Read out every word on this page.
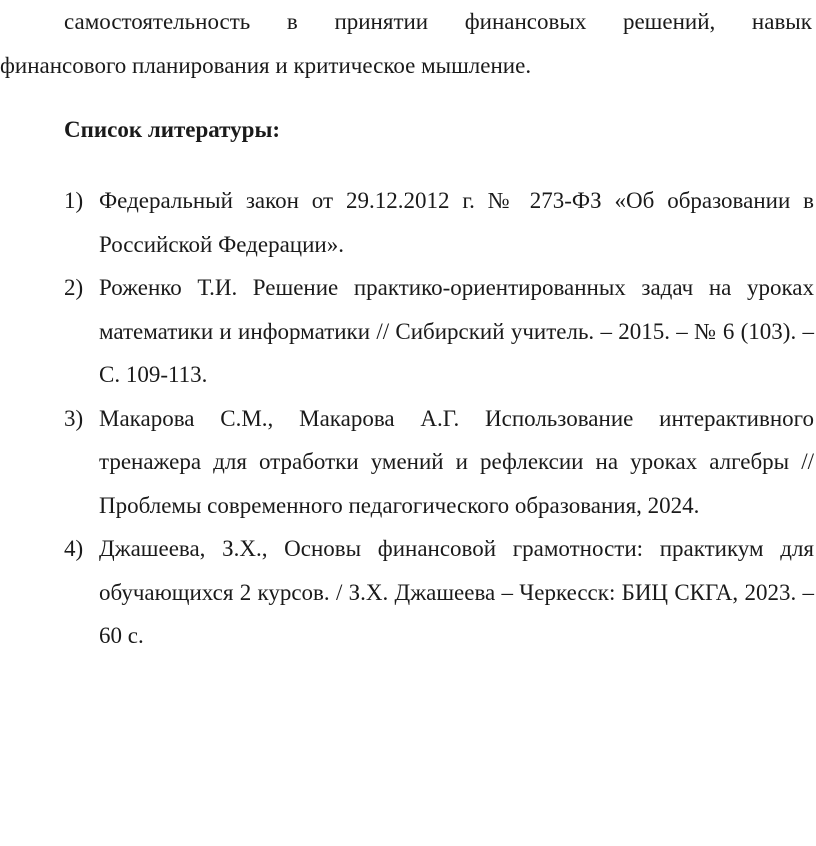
самостоятельность в принятии финансовых решений, навык
финансового планирования и критическое мышление.
Список литературы:
1) Федеральный закон от 29.12.2012 г. № 273-ФЗ «Об образовании в Российской Федерации».
2) Роженко Т.И. Решение практико-ориентированных задач на уроках математики и информатики // Сибирский учитель. – 2015. – № 6 (103). – С. 109-113.
3) Макарова С.М., Макарова А.Г. Использование интерактивного тренажера для отработки умений и рефлексии на уроках алгебры // Проблемы современного педагогического образования, 2024.
4) Джашеева, З.Х., Основы финансовой грамотности: практикум для обучающихся 2 курсов. / З.Х. Джашеева – Черкесск: БИЦ СКГА, 2023. – 60 с.
